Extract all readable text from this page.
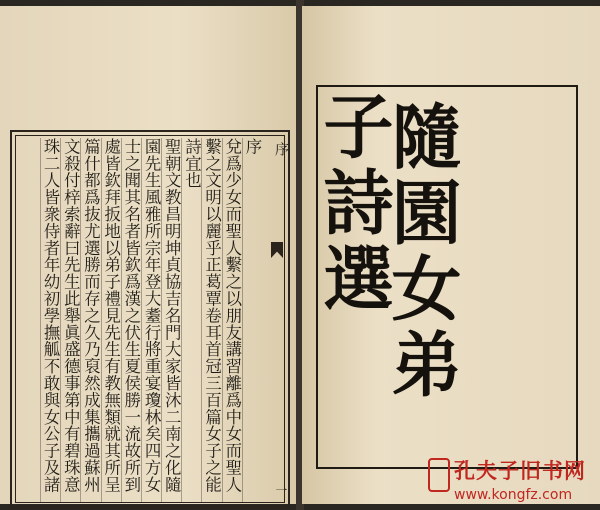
序
一
序
兌爲少女而聖人繫之以朋友講習離爲中女而聖人
繫之文明以麗乎正葛覃卷耳首冠三百篇女子之能
詩宜也
聖朝文教昌明坤貞協吉名門大家皆沐二南之化隨
園先生風雅所宗年登大耋行將重宴瓊林矣四方女
士之聞其名者皆欽爲漢之伏生夏侯勝一流故所到
處皆欽拜扳地以弟子禮見先生有教無類就其所呈
篇什都爲抜尤選勝而存之久乃裒然成集攜過蘇州
文殺付梓索辭曰先生此舉眞盛德事第中有碧珠意
珠二人皆衆侍者年幼初學撫觚不敢與女公子及諸	隨園女弟
子詩選
孔夫子旧书网
www.kongfz.com
